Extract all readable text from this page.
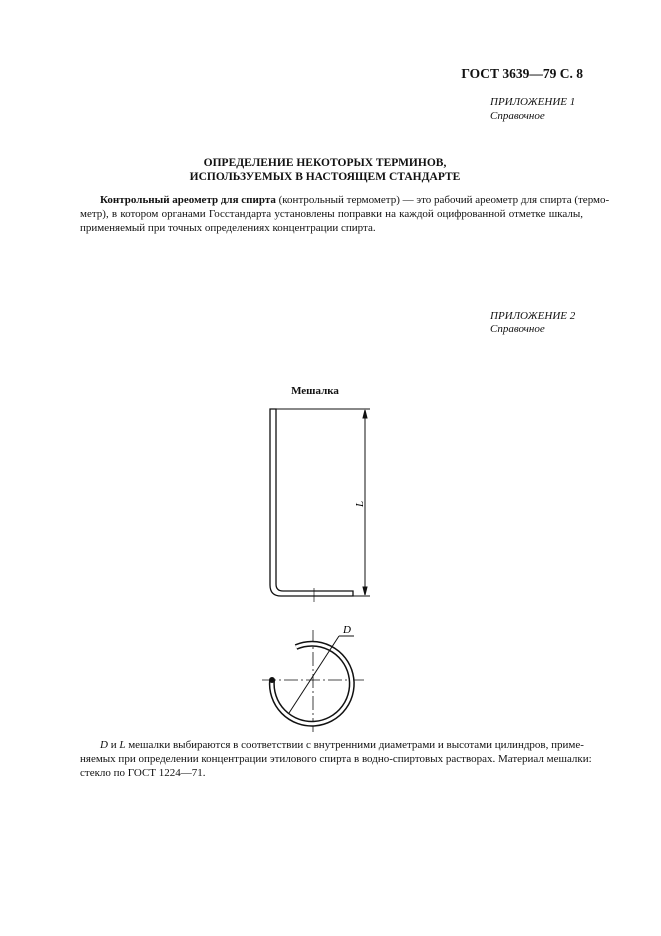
ГОСТ 3639—79 С. 8
ПРИЛОЖЕНИЕ 1
Справочное
ОПРЕДЕЛЕНИЕ НЕКОТОРЫХ ТЕРМИНОВ,
ИСПОЛЬЗУЕМЫХ В НАСТОЯЩЕМ СТАНДАРТЕ
Контрольный ареометр для спирта (контрольный термометр) — это рабочий ареометр для спирта (термо-
метр), в котором органами Госстандарта установлены поправки на каждой оцифрованной отметке шкалы,
применяемый при точных определениях концентрации спирта.
ПРИЛОЖЕНИЕ 2
Справочное
Мешалка
L
D
D и L мешалки выбираются в соответствии с внутренними диаметрами и высотами цилиндров, приме-
няемых при определении концентрации этилового спирта в водно-спиртовых растворах. Материал мешалки:
стекло по ГОСТ 1224—71.
